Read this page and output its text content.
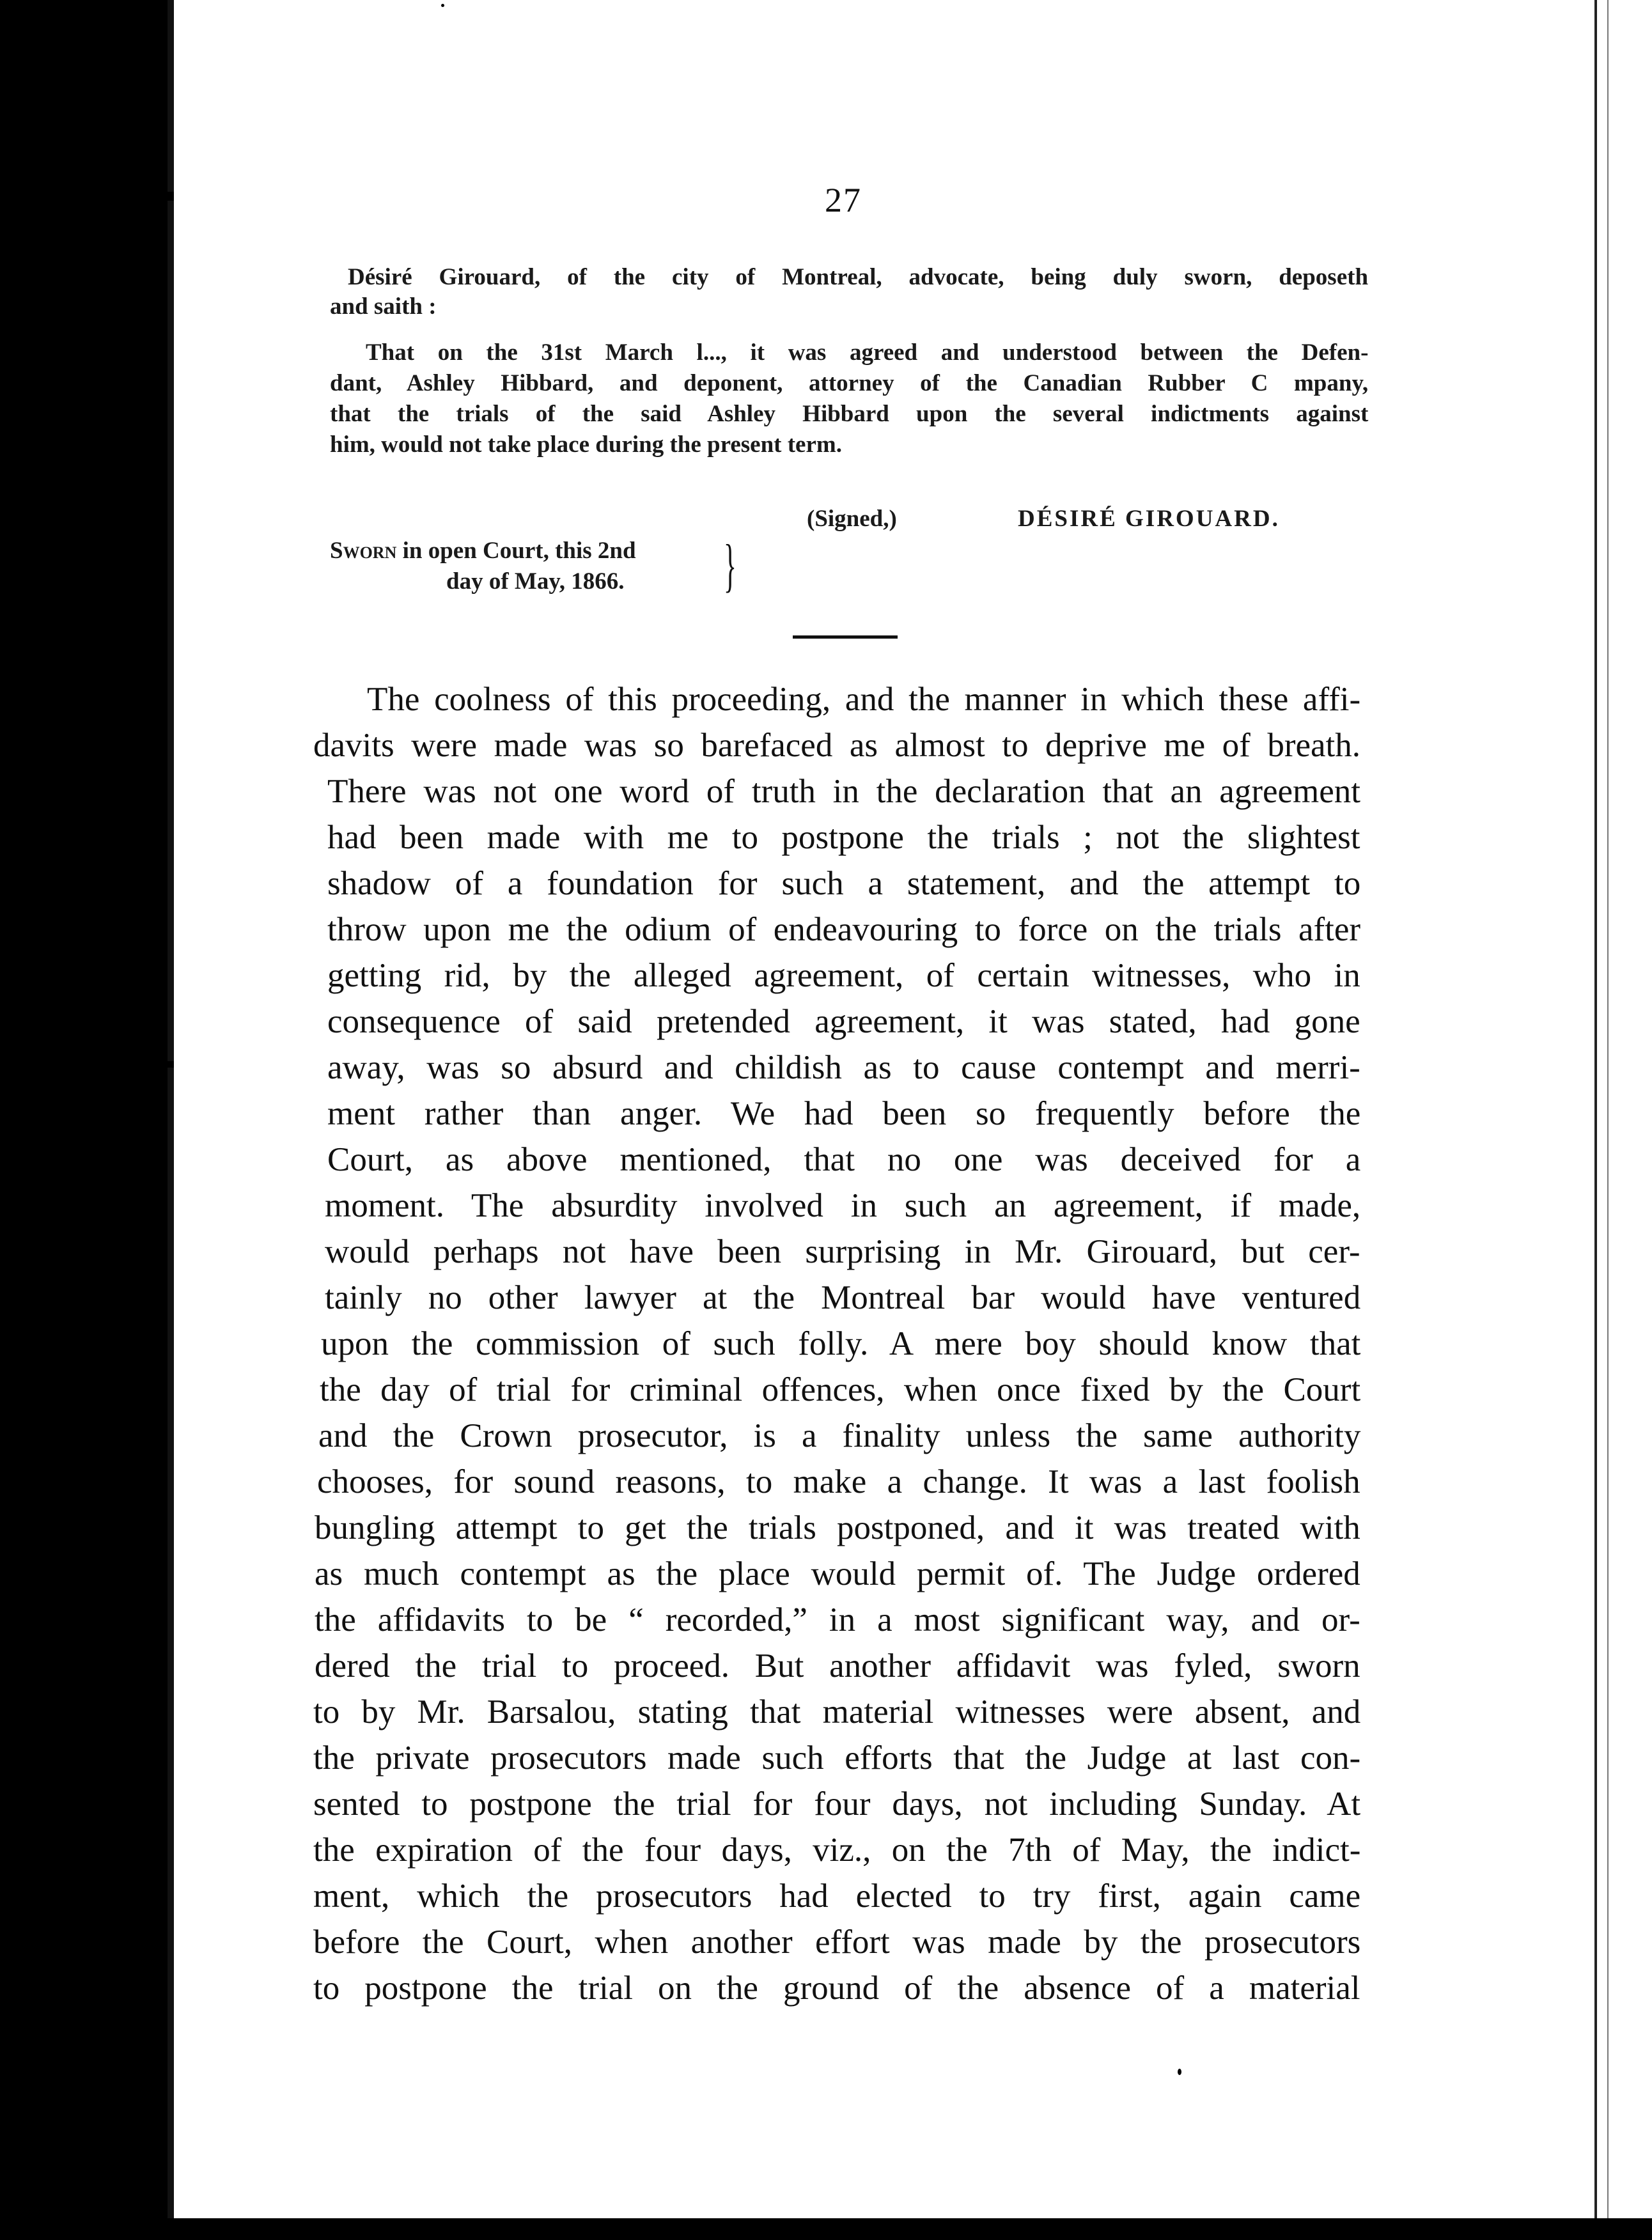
27
Désiré Girouard, of the city of Montreal, advocate, being duly sworn, deposeth
and saith :
That on the 31st March l..., it was agreed and understood between the Defen-
dant, Ashley Hibbard, and deponent, attorney of the Canadian Rubber C mpany,
that the trials of the said Ashley Hibbard upon the several indictments against
him, would not take place during the present term.
(Signed,)	DÉSIRÉ GIROUARD.
Sworn in open Court, this 2nd
day of May, 1866. }
The coolness of this proceeding, and the manner in which these affi-
davits were made was so barefaced as almost to deprive me of breath.
There was not one word of truth in the declaration that an agreement
had been made with me to postpone the trials ; not the slightest
shadow of a foundation for such a statement, and the attempt to
throw upon me the odium of endeavouring to force on the trials after
getting rid, by the alleged agreement, of certain witnesses, who in
consequence of said pretended agreement, it was stated, had gone
away, was so absurd and childish as to cause contempt and merri-
ment rather than anger. We had been so frequently before the
Court, as above mentioned, that no one was deceived for a
moment. The absurdity involved in such an agreement, if made,
would perhaps not have been surprising in Mr. Girouard, but cer-
tainly no other lawyer at the Montreal bar would have ventured
upon the commission of such folly. A mere boy should know that
the day of trial for criminal offences, when once fixed by the Court
and the Crown prosecutor, is a finality unless the same authority
chooses, for sound reasons, to make a change. It was a last foolish
bungling attempt to get the trials postponed, and it was treated with
as much contempt as the place would permit of. The Judge ordered
the affidavits to be “ recorded,” in a most significant way, and or-
dered the trial to proceed. But another affidavit was fyled, sworn
to by Mr. Barsalou, stating that material witnesses were absent, and
the private prosecutors made such efforts that the Judge at last con-
sented to postpone the trial for four days, not including Sunday. At
the expiration of the four days, viz., on the 7th of May, the indict-
ment, which the prosecutors had elected to try first, again came
before the Court, when another effort was made by the prosecutors
to postpone the trial on the ground of the absence of a material
